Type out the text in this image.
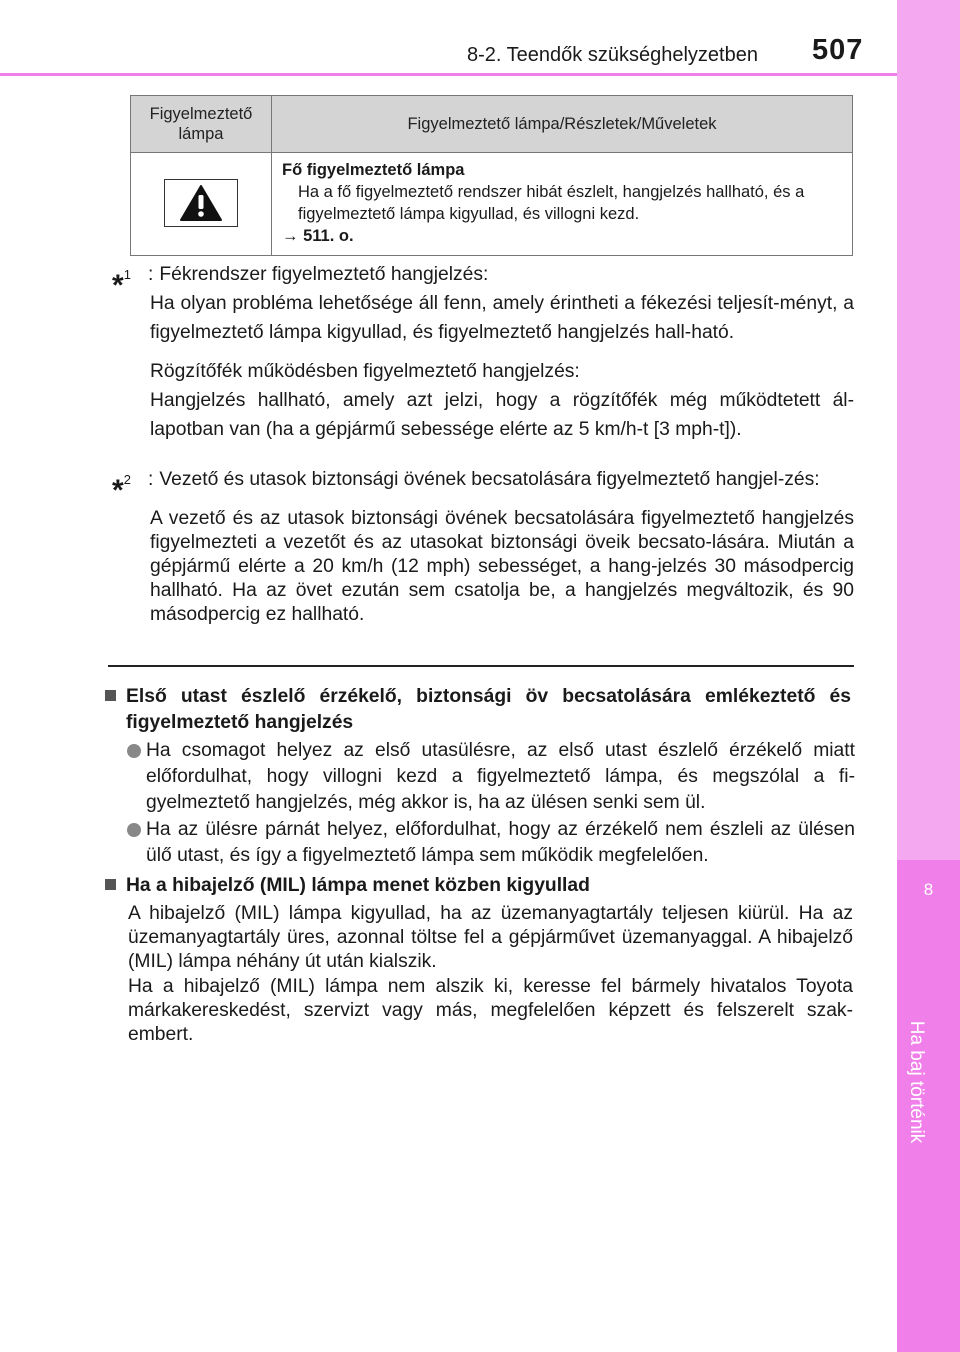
8
Ha baj történik
8-2. Teendők szükséghelyzetben 507
Figyelmeztető lámpa	Figyelmeztető lámpa/Részletek/Műveletek

Fő figyelmeztető lámpa
Ha a fő figyelmeztető rendszer hibát észlelt, hangjelzés hallható, és a figyelmeztető lámpa kigyullad, és villogni kezd.
→ 511. o.
*$^1$ : Fékrendszer figyelmeztető hangjelzés:

Ha olyan probléma lehetősége áll fenn, amely érintheti a fékezési teljesít-ményt, a figyelmeztető lámpa kigyullad, és figyelmeztető hangjelzés hall-ható.

Rögzítőfék működésben figyelmeztető hangjelzés:

Hangjelzés hallható, amely azt jelzi, hogy a rögzítőfék még működtetett ál-lapotban van (ha a gépjármű sebessége elérte az 5 km/h-t [3 mph-t]).

*$^2$ : Vezető és utasok biztonsági övének becsatolására figyelmeztető hangjel-zés:

A vezető és az utasok biztonsági övének becsatolására figyelmeztető hangjelzés figyelmezteti a vezetőt és az utasokat biztonsági öveik becsato-lására. Miután a gépjármű elérte a 20 km/h (12 mph) sebességet, a hang-jelzés 30 másodpercig hallható. Ha az övet ezután sem csatolja be, a hangjelzés megváltozik, és 90 másodpercig ez hallható.

Első utast észlelő érzékelő, biztonsági öv becsatolására emlékeztető és figyelmeztető hangjelzés
Ha csomagot helyez az első utasülésre, az első utast észlelő érzékelő miatt előfordulhat, hogy villogni kezd a figyelmeztető lámpa, és megszólal a fi-gyelmeztető hangjelzés, még akkor is, ha az ülésen senki sem ül.
Ha az ülésre párnát helyez, előfordulhat, hogy az érzékelő nem észleli az ülésen ülő utast, és így a figyelmeztető lámpa sem működik megfelelően.
Ha a hibajelző (MIL) lámpa menet közben kigyullad
A hibajelző (MIL) lámpa kigyullad, ha az üzemanyagtartály teljesen kiürül. Ha az üzemanyagtartály üres, azonnal töltse fel a gépjárművet üzemanyaggal. A hibajelző (MIL) lámpa néhány út után kialszik.
Ha a hibajelző (MIL) lámpa nem alszik ki, keresse fel bármely hivatalos Toyota márkakereskedést, szervizt vagy más, megfelelően képzett és felszerelt szak-embert.
